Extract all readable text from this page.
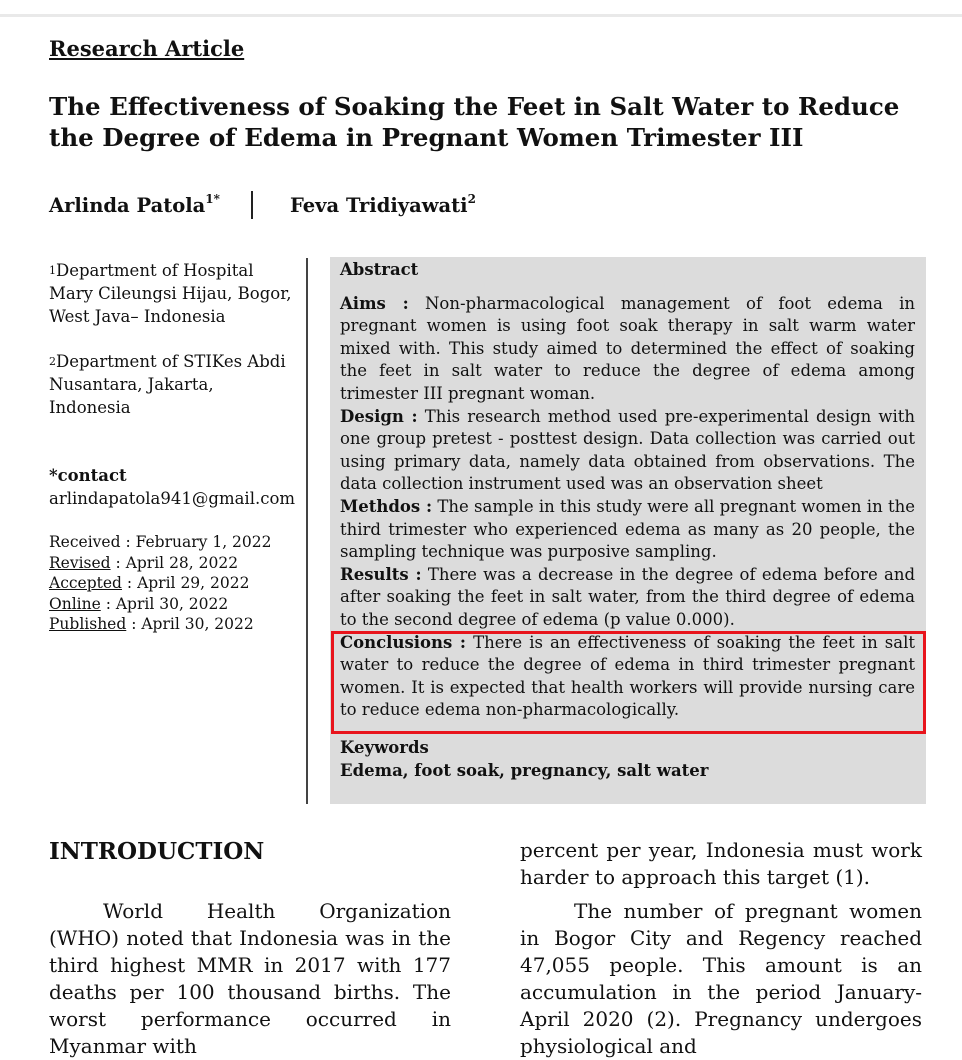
Research Article
The Effectiveness of Soaking the Feet in Salt Water to Reduce the Degree of Edema in Pregnant Women Trimester III
Arlinda Patola$^{1*}$	Feva Tridiyawati$^2$
$^1$Department of Hospital Mary Cileungsi Hijau, Bogor, West Java– Indonesia
$^2$Department of STIKes Abdi Nusantara, Jakarta, Indonesia
*contact
arlindapatola941@gmail.com
Received : February 1, 2022
Revised : April 28, 2022
Accepted : April 29, 2022
Online : April 30, 2022
Published : April 30, 2022

Abstract

Aims : Non-pharmacological management of foot edema in pregnant women is using foot soak therapy in salt warm water mixed with. This study aimed to determined the effect of soaking the feet in salt water to reduce the degree of edema among trimester III pregnant woman.

Design : This research method used pre-experimental design with one group pretest - posttest design. Data collection was carried out using primary data, namely data obtained from observations. The data collection instrument used was an observation sheet

Methdos : The sample in this study were all pregnant women in the third trimester who experienced edema as many as 20 people, the sampling technique was purposive sampling.

Results : There was a decrease in the degree of edema before and after soaking the feet in salt water, from the third degree of edema to the second degree of edema (p value 0.000).

Conclusions : There is an effectiveness of soaking the feet in salt water to reduce the degree of edema in third trimester pregnant women. It is expected that health workers will provide nursing care to reduce edema non-pharmacologically.

Keywords
Edema, foot soak, pregnancy, salt water
INTRODUCTION

World Health Organization (WHO) noted that Indonesia was in the third highest MMR in 2017 with 177 deaths per 100 thousand births. The worst performance occurred in Myanmar with

percent per year, Indonesia must work harder to approach this target (1).

The number of pregnant women in Bogor City and Regency reached 47,055 people. This amount is an accumulation in the period January-April 2020 (2). Pregnancy undergoes physiological and
